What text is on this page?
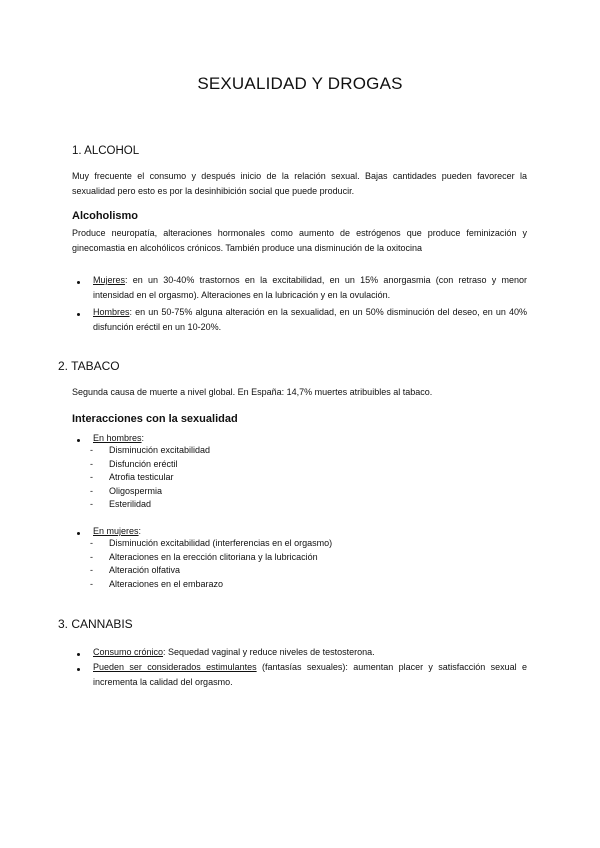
SEXUALIDAD Y DROGAS
1. ALCOHOL
Muy frecuente el consumo y después inicio de la relación sexual. Bajas cantidades pueden favorecer la sexualidad pero esto es por la desinhibición social que puede producir.
Alcoholismo
Produce neuropatía, alteraciones hormonales como aumento de estrógenos que produce feminización y ginecomastia en alcohólicos crónicos. También produce una disminución de la oxitocina
Mujeres: en un 30-40% trastornos en la excitabilidad, en un 15% anorgasmia (con retraso y menor intensidad en el orgasmo). Alteraciones en la lubricación y en la ovulación.
Hombres: en un 50-75% alguna alteración en la sexualidad, en un 50% disminución del deseo, en un 40% disfunción eréctil en un 10-20%.
2. TABACO
Segunda causa de muerte a nivel global. En España: 14,7% muertes atribuibles al tabaco.
Interacciones con la sexualidad
En hombres:
- Disminución excitabilidad
- Disfunción eréctil
- Atrofia testicular
- Oligospermia
- Esterilidad
En mujeres:
- Disminución excitabilidad (interferencias en el orgasmo)
- Alteraciones en la erección clitoriana y la lubricación
- Alteración olfativa
- Alteraciones en el embarazo
3. CANNABIS
Consumo crónico: Sequedad vaginal y reduce niveles de testosterona.
Pueden ser considerados estimulantes (fantasías sexuales): aumentan placer y satisfacción sexual e incrementa la calidad del orgasmo.
